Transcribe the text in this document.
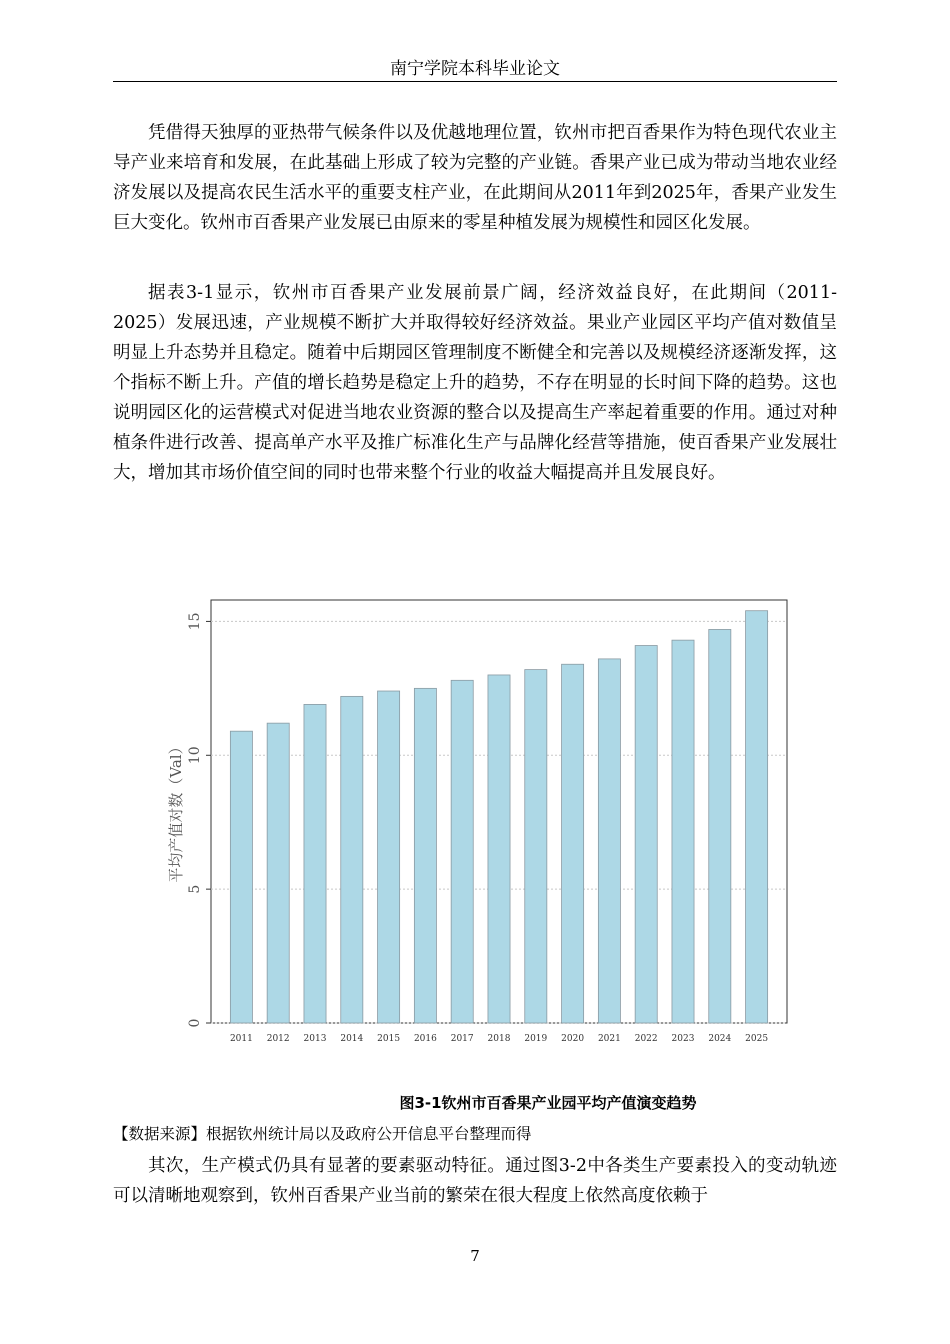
南宁学院本科毕业论文

凭借得天独厚的亚热带气候条件以及优越地理位置，钦州市把百香果作为特色现代农业主导产业来培育和发展，在此基础上形成了较为完整的产业链。香果产业已成为带动当地农业经济发展以及提高农民生活水平的重要支柱产业，在此期间从2011年到2025年，香果产业发生巨大变化。钦州市百香果产业发展已由原来的零星种植发展为规模性和园区化发展。

据表3-1显示，钦州市百香果产业发展前景广阔，经济效益良好，在此期间（2011-2025）发展迅速，产业规模不断扩大并取得较好经济效益。果业产业园区平均产值对数值呈明显上升态势并且稳定。随着中后期园区管理制度不断健全和完善以及规模经济逐渐发挥，这个指标不断上升。产值的增长趋势是稳定上升的趋势，不存在明显的长时间下降的趋势。这也说明园区化的运营模式对促进当地农业资源的整合以及提高生产率起着重要的作用。通过对种植条件进行改善、提高单产水平及推广标准化生产与品牌化经营等措施，使百香果产业发展壮大，增加其市场价值空间的同时也带来整个行业的收益大幅提高并且发展良好。

0
5
10
15
2011 2012 2013 2014 2015 2016 2017 2018 2019 2020 2021 2022 2023 2024 2025
平均产值对数（Val）
图3-1钦州市百香果产业园平均产值演变趋势
【数据来源】根据钦州统计局以及政府公开信息平台整理而得

其次，生产模式仍具有显著的要素驱动特征。通过图3-2中各类生产要素投入的变动轨迹可以清晰地观察到，钦州百香果产业当前的繁荣在很大程度上依然高度依赖于

7
